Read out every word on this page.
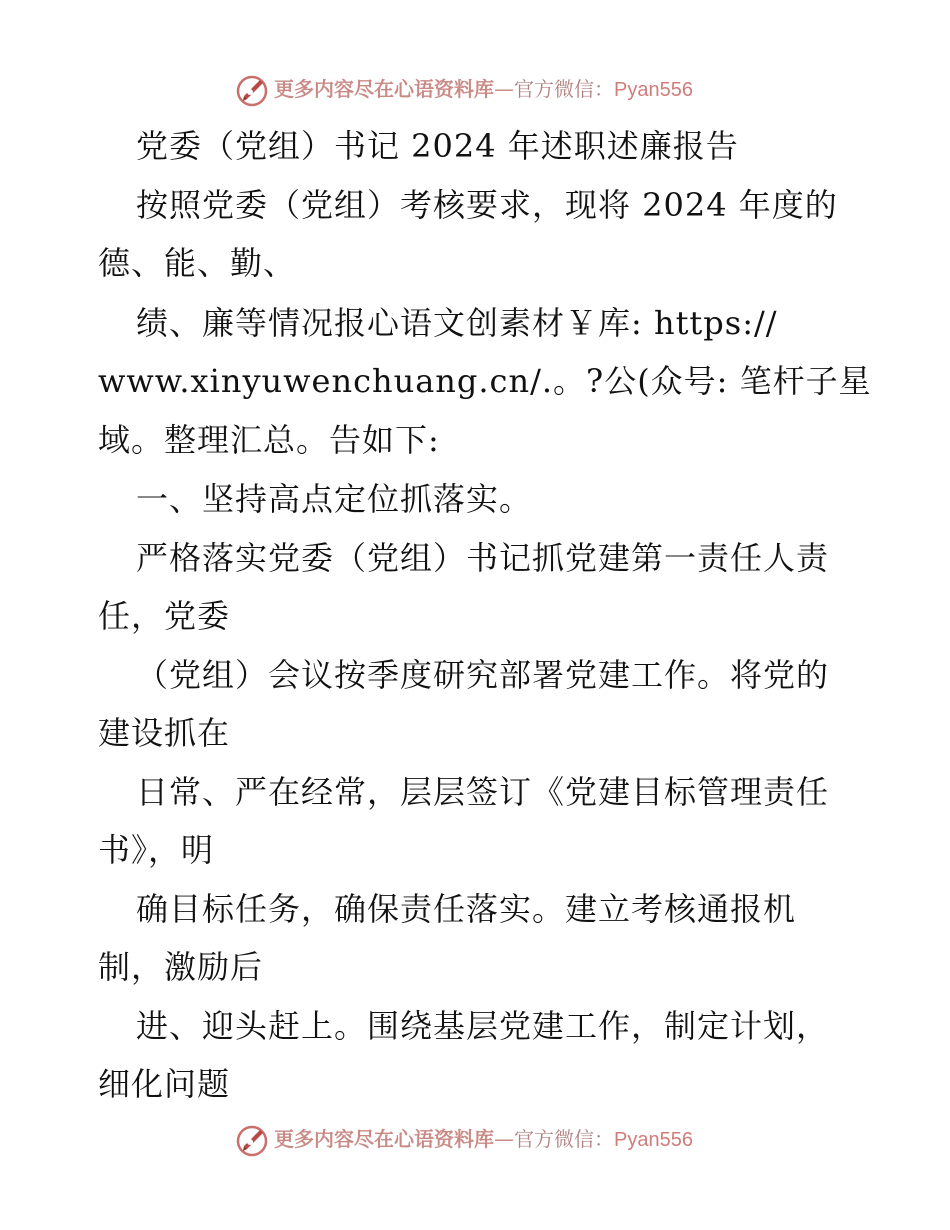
更多内容尽在心语资料库—官方微信：Pyan556
党委（党组）书记 2024 年述职述廉报告
按照党委（党组）考核要求，现将 2024 年度的
德、能、勤、
绩、廉等情况报心语文创素材￥库: https://
www.xinyuwenchuang.cn/.。?公(众号: 笔杆子星
域。整理汇总。告如下:
一、坚持高点定位抓落实。
严格落实党委（党组）书记抓党建第一责任人责
任，党委
（党组）会议按季度研究部署党建工作。将党的
建设抓在
日常、严在经常，层层签订《党建目标管理责任
书》，明
确目标任务，确保责任落实。建立考核通报机
制，激励后
进、迎头赶上。围绕基层党建工作，制定计划，
细化问题
更多内容尽在心语资料库—官方微信：Pyan556
